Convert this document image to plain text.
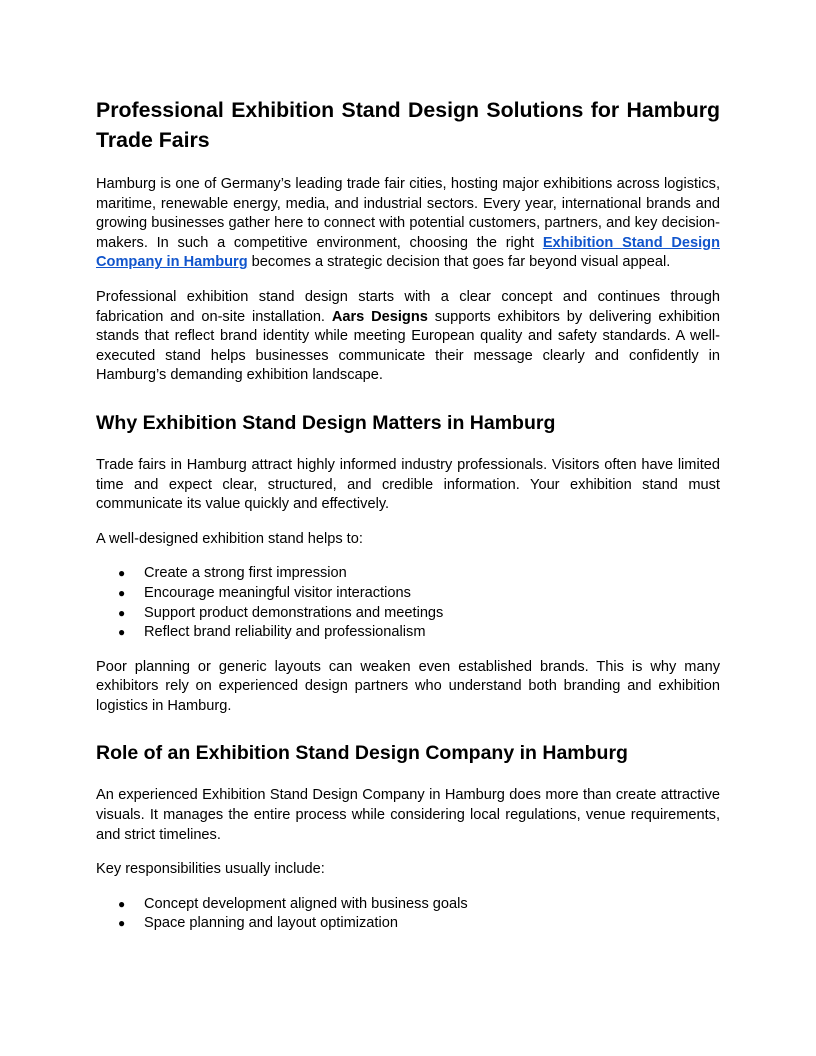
Professional Exhibition Stand Design Solutions for Hamburg Trade Fairs

Hamburg is one of Germany’s leading trade fair cities, hosting major exhibitions across logistics, maritime, renewable energy, media, and industrial sectors. Every year, international brands and growing businesses gather here to connect with potential customers, partners, and key decision-makers. In such a competitive environment, choosing the right Exhibition Stand Design Company in Hamburg becomes a strategic decision that goes far beyond visual appeal.

Professional exhibition stand design starts with a clear concept and continues through fabrication and on-site installation. Aars Designs supports exhibitors by delivering exhibition stands that reflect brand identity while meeting European quality and safety standards. A well-executed stand helps businesses communicate their message clearly and confidently in Hamburg’s demanding exhibition landscape.

Why Exhibition Stand Design Matters in Hamburg

Trade fairs in Hamburg attract highly informed industry professionals. Visitors often have limited time and expect clear, structured, and credible information. Your exhibition stand must communicate its value quickly and effectively.

A well-designed exhibition stand helps to:

● Create a strong first impression
● Encourage meaningful visitor interactions
● Support product demonstrations and meetings
● Reflect brand reliability and professionalism

Poor planning or generic layouts can weaken even established brands. This is why many exhibitors rely on experienced design partners who understand both branding and exhibition logistics in Hamburg.

Role of an Exhibition Stand Design Company in Hamburg

An experienced Exhibition Stand Design Company in Hamburg does more than create attractive visuals. It manages the entire process while considering local regulations, venue requirements, and strict timelines.

Key responsibilities usually include:

● Concept development aligned with business goals
● Space planning and layout optimization
